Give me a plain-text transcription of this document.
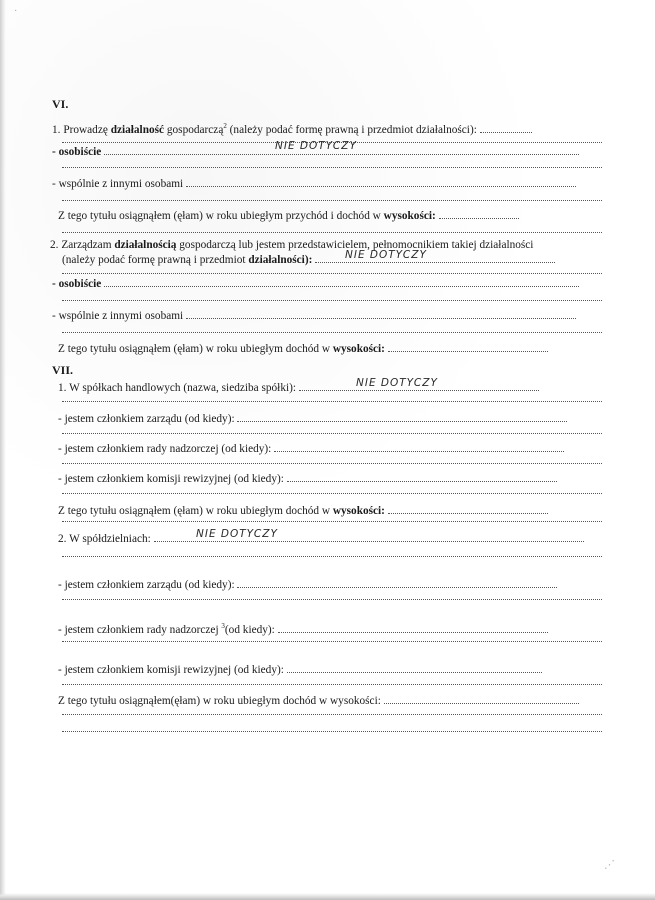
·
VI.
1. Prowadzę działalność gospodarczą$^2$ (należy podać formę prawną i przedmiot działalności):
- osobiście	NIE DOTYCZY
- wspólnie z innymi osobami
Z tego tytułu osiągnąłem (ęłam) w roku ubiegłym przychód i dochód w wysokości:
2. Zarządzam działalnością gospodarczą lub jestem przedstawicielem, pełnomocnikiem takiej działalności
(należy podać formę prawną i przedmiot działalności):	NIE DOTYCZY
- osobiście
- wspólnie z innymi osobami
Z tego tytułu osiągnąłem (ęłam) w roku ubiegłym dochód w wysokości:
VII.
1. W spółkach handlowych (nazwa, siedziba spółki):	NIE DOTYCZY
- jestem członkiem zarządu (od kiedy):
- jestem członkiem rady nadzorczej (od kiedy):
- jestem członkiem komisji rewizyjnej (od kiedy):
Z tego tytułu osiągnąłem (ęłam) w roku ubiegłym dochód w wysokości:
2. W spółdzielniach:	NIE DOTYCZY
- jestem członkiem zarządu (od kiedy):
- jestem członkiem rady nadzorczej $^3$(od kiedy):
- jestem członkiem komisji rewizyjnej (od kiedy):
Z tego tytułu osiągnąłem(ęłam) w roku ubiegłym dochód w wysokości:
⋰
